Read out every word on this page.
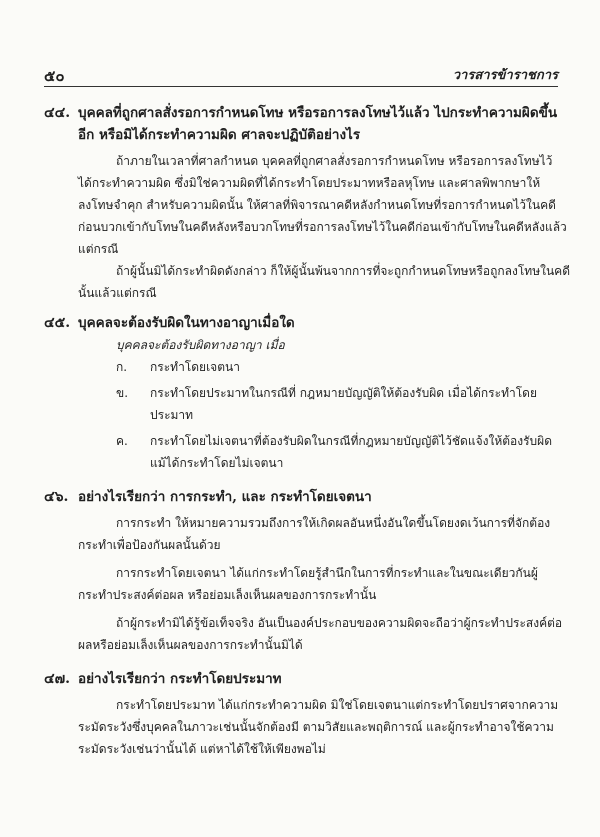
๕๐	วารสารข้าราชการ
๔๔. บุคคลที่ถูกศาลสั่งรอการกำหนดโทษ หรือรอการลงโทษไว้แล้ว ไปกระทำความผิดขึ้นอีก หรือมิได้กระทำความผิด ศาลจะปฏิบัติอย่างไร
ถ้าภายในเวลาที่ศาลกำหนด บุคคลที่ถูกศาลสั่งรอการกำหนดโทษ หรือรอการลงโทษไว้ ได้กระทำความผิด ซึ่งมิใช่ความผิดที่ได้กระทำโดยประมาทหรือลหุโทษ และศาลพิพากษาให้ลงโทษจำคุก สำหรับความผิดนั้น ให้ศาลที่พิจารณาคดีหลังกำหนดโทษที่รอการกำหนดไว้ในคดีก่อนบวกเข้ากับโทษในคดีหลังหรือบวกโทษที่รอการลงโทษไว้ในคดีก่อนเข้ากับโทษในคดีหลังแล้วแต่กรณี
ถ้าผู้นั้นมิได้กระทำผิดดังกล่าว ก็ให้ผู้นั้นพ้นจากการที่จะถูกกำหนดโทษหรือถูกลงโทษในคดีนั้นแล้วแต่กรณี
๔๕. บุคคลจะต้องรับผิดในทางอาญาเมื่อใด
บุคคลจะต้องรับผิดทางอาญา เมื่อ
ก. กระทำโดยเจตนา
ข. กระทำโดยประมาทในกรณีที่ กฎหมายบัญญัติให้ต้องรับผิด เมื่อได้กระทำโดยประมาท
ค. กระทำโดยไม่เจตนาที่ต้องรับผิดในกรณีที่กฎหมายบัญญัติไว้ชัดแจ้งให้ต้องรับผิด แม้ได้กระทำโดยไม่เจตนา
๔๖. อย่างไรเรียกว่า การกระทำ, และ กระทำโดยเจตนา
การกระทำ ให้หมายความรวมถึงการให้เกิดผลอันหนึ่งอันใดขึ้นโดยงดเว้นการที่จักต้องกระทำเพื่อป้องกันผลนั้นด้วย
การกระทำโดยเจตนา ได้แก่กระทำโดยรู้สำนึกในการที่กระทำและในขณะเดียวกันผู้กระทำประสงค์ต่อผล หรือย่อมเล็งเห็นผลของการกระทำนั้น
ถ้าผู้กระทำมิได้รู้ข้อเท็จจริง อันเป็นองค์ประกอบของความผิดจะถือว่าผู้กระทำประสงค์ต่อผลหรือย่อมเล็งเห็นผลของการกระทำนั้นมิได้
๔๗. อย่างไรเรียกว่า กระทำโดยประมาท
กระทำโดยประมาท ได้แก่กระทำความผิด มิใช่โดยเจตนาแต่กระทำโดยปราศจากความระมัดระวังซึ่งบุคคลในภาวะเช่นนั้นจักต้องมี ตามวิสัยและพฤติการณ์ และผู้กระทำอาจใช้ความระมัดระวังเช่นว่านั้นได้ แต่หาได้ใช้ให้เพียงพอไม่
